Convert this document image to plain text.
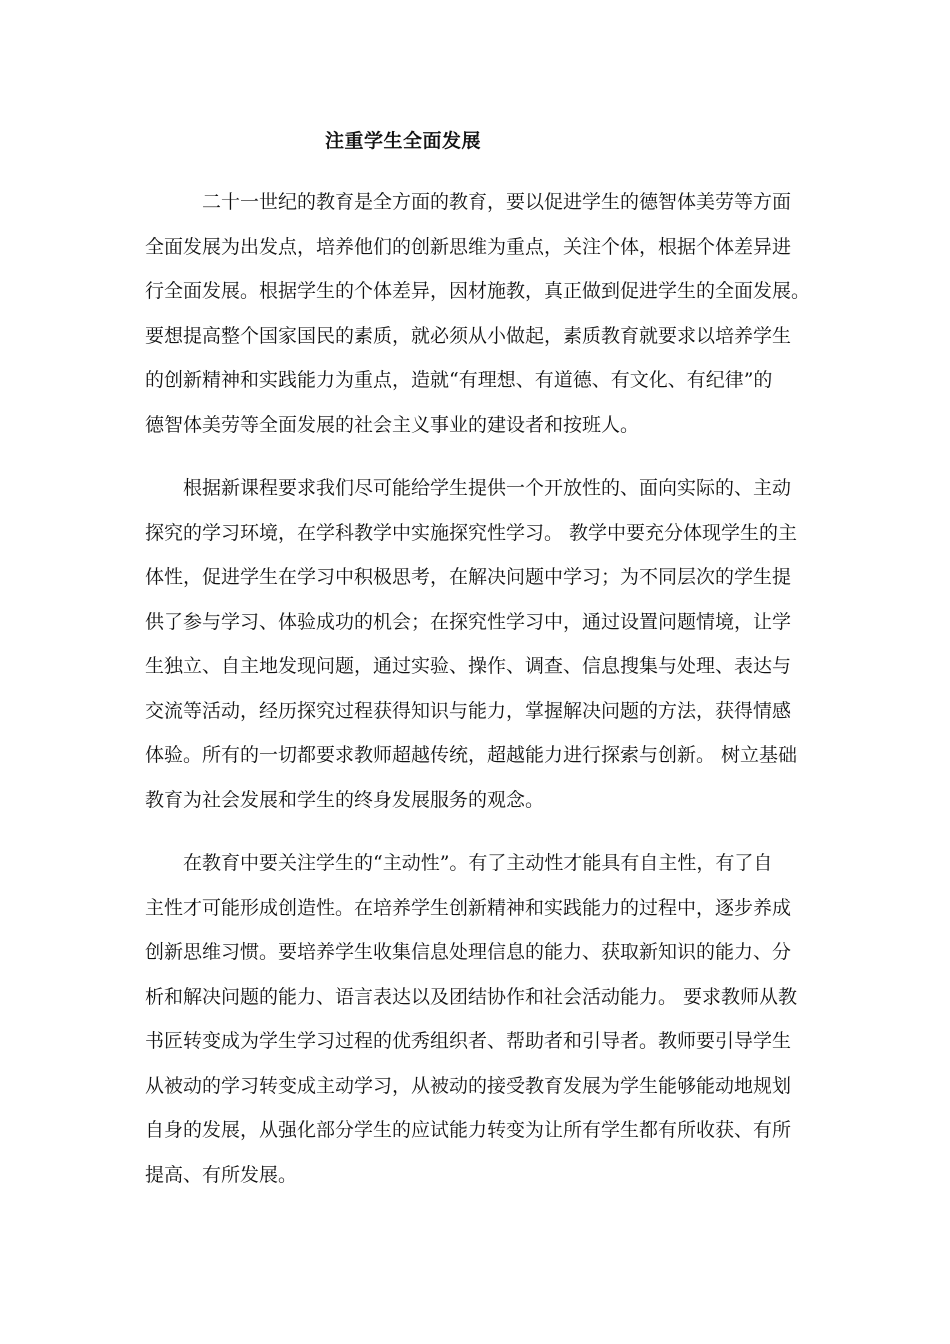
注重学生全面发展
二十一世纪的教育是全方面的教育，要以促进学生的德智体美劳等方面
全面发展为出发点，培养他们的创新思维为重点，关注个体，根据个体差异进
行全面发展。根据学生的个体差异，因材施教，真正做到促进学生的全面发展。
要想提高整个国家国民的素质，就必须从小做起，素质教育就要求以培养学生
的创新精神和实践能力为重点，造就“有理想、有道德、有文化、有纪律”的
德智体美劳等全面发展的社会主义事业的建设者和按班人。
根据新课程要求我们尽可能给学生提供一个开放性的、面向实际的、主动
探究的学习环境，在学科教学中实施探究性学习。 教学中要充分体现学生的主
体性，促进学生在学习中积极思考，在解决问题中学习；为不同层次的学生提
供了参与学习、体验成功的机会；在探究性学习中，通过设置问题情境，让学
生独立、自主地发现问题，通过实验、操作、调查、信息搜集与处理、表达与
交流等活动，经历探究过程获得知识与能力，掌握解决问题的方法，获得情感
体验。所有的一切都要求教师超越传统，超越能力进行探索与创新。 树立基础
教育为社会发展和学生的终身发展服务的观念。
在教育中要关注学生的“主动性”。有了主动性才能具有自主性，有了自
主性才可能形成创造性。在培养学生创新精神和实践能力的过程中，逐步养成
创新思维习惯。要培养学生收集信息处理信息的能力、获取新知识的能力、分
析和解决问题的能力、语言表达以及团结协作和社会活动能力。 要求教师从教
书匠转变成为学生学习过程的优秀组织者、帮助者和引导者。教师要引导学生
从被动的学习转变成主动学习，从被动的接受教育发展为学生能够能动地规划
自身的发展，从强化部分学生的应试能力转变为让所有学生都有所收获、有所
提高、有所发展。
